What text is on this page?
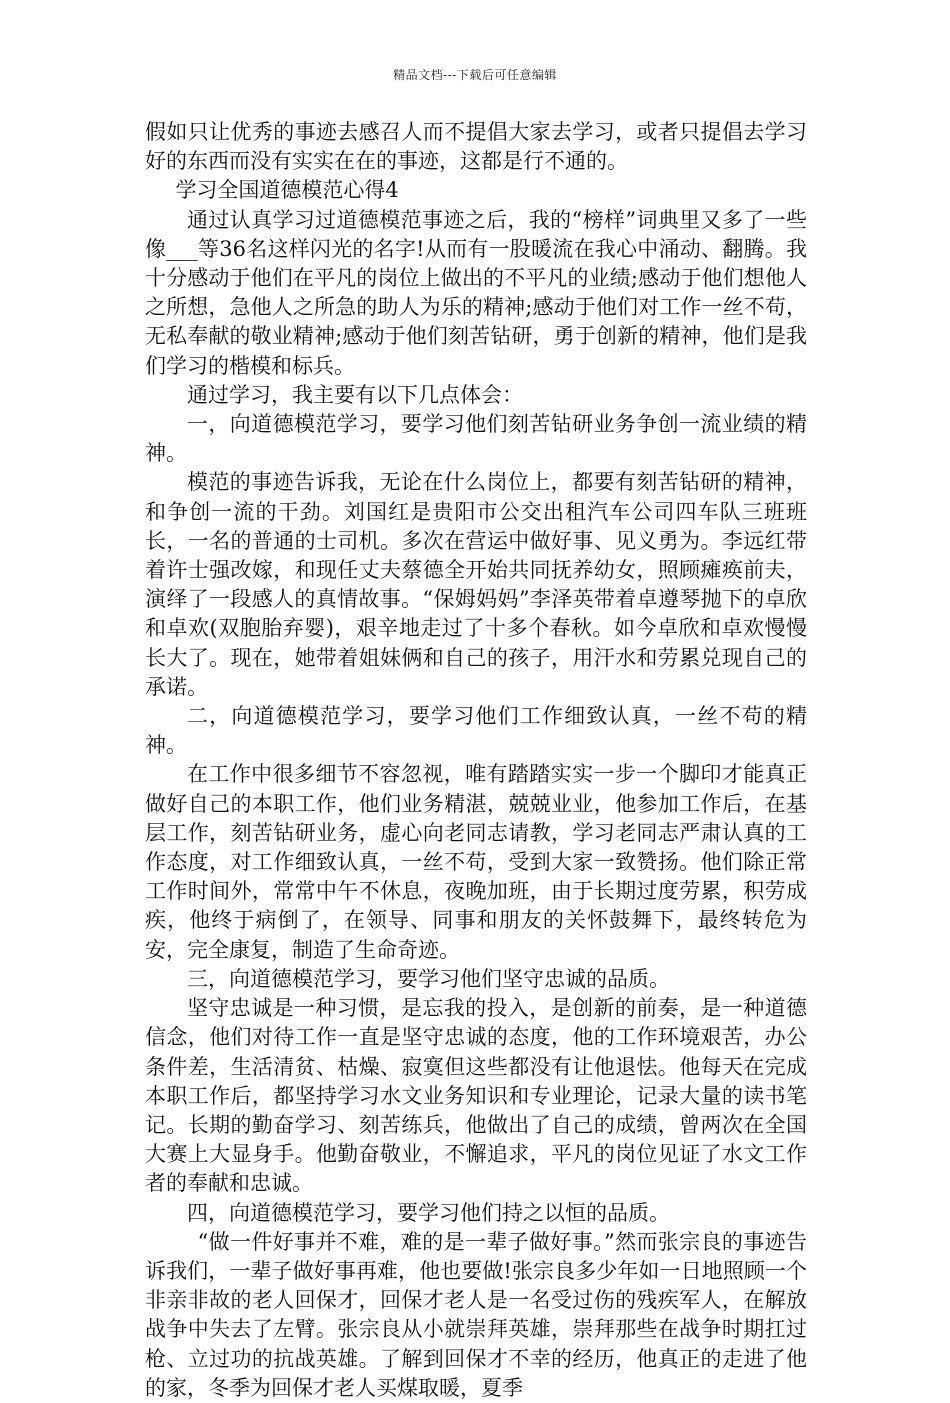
精品文档---下载后可任意编辑

假如只让优秀的事迹去感召人而不提倡大家去学习，或者只提倡去学习好的东西而没有实实在在的事迹，这都是行不通的。

学习全国道德模范心得4

通过认真学习过道德模范事迹之后，我的“榜样”词典里又多了一些像___等36名这样闪光的名字!从而有一股暖流在我心中涌动、翻腾。我十分感动于他们在平凡的岗位上做出的不平凡的业绩;感动于他们想他人之所想，急他人之所急的助人为乐的精神;感动于他们对工作一丝不苟，无私奉献的敬业精神;感动于他们刻苦钻研，勇于创新的精神，他们是我们学习的楷模和标兵。

通过学习，我主要有以下几点体会：

一，向道德模范学习，要学习他们刻苦钻研业务争创一流业绩的精神。

模范的事迹告诉我，无论在什么岗位上，都要有刻苦钻研的精神，和争创一流的干劲。刘国红是贵阳市公交出租汽车公司四车队三班班长，一名的普通的士司机。多次在营运中做好事、见义勇为。李远红带着许士强改嫁，和现任丈夫蔡德全开始共同抚养幼女，照顾瘫痪前夫，演绎了一段感人的真情故事。“保姆妈妈”李泽英带着卓遵琴抛下的卓欣和卓欢(双胞胎弃婴)，艰辛地走过了十多个春秋。如今卓欣和卓欢慢慢长大了。现在，她带着姐妹俩和自己的孩子，用汗水和劳累兑现自己的承诺。

二，向道德模范学习，要学习他们工作细致认真，一丝不苟的精神。

在工作中很多细节不容忽视，唯有踏踏实实一步一个脚印才能真正做好自己的本职工作，他们业务精湛，兢兢业业，他参加工作后，在基层工作，刻苦钻研业务，虚心向老同志请教，学习老同志严肃认真的工作态度，对工作细致认真，一丝不苟，受到大家一致赞扬。他们除正常工作时间外，常常中午不休息，夜晚加班，由于长期过度劳累，积劳成疾，他终于病倒了，在领导、同事和朋友的关怀鼓舞下，最终转危为安，完全康复，制造了生命奇迹。

三，向道德模范学习，要学习他们坚守忠诚的品质。

坚守忠诚是一种习惯，是忘我的投入，是创新的前奏，是一种道德信念，他们对待工作一直是坚守忠诚的态度，他的工作环境艰苦，办公条件差，生活清贫、枯燥、寂寞但这些都没有让他退怯。他每天在完成本职工作后，都坚持学习水文业务知识和专业理论，记录大量的读书笔记。长期的勤奋学习、刻苦练兵，他做出了自己的成绩，曾两次在全国大赛上大显身手。他勤奋敬业，不懈追求，平凡的岗位见证了水文工作者的奉献和忠诚。

四，向道德模范学习，要学习他们持之以恒的品质。

“做一件好事并不难，难的是一辈子做好事。”然而张宗良的事迹告诉我们，一辈子做好事再难，他也要做!张宗良多少年如一日地照顾一个非亲非故的老人回保才，回保才老人是一名受过伤的残疾军人，在解放战争中失去了左臂。张宗良从小就崇拜英雄，崇拜那些在战争时期扛过枪、立过功的抗战英雄。了解到回保才不幸的经历，他真正的走进了他的家，冬季为回保才老人买煤取暖，夏季
